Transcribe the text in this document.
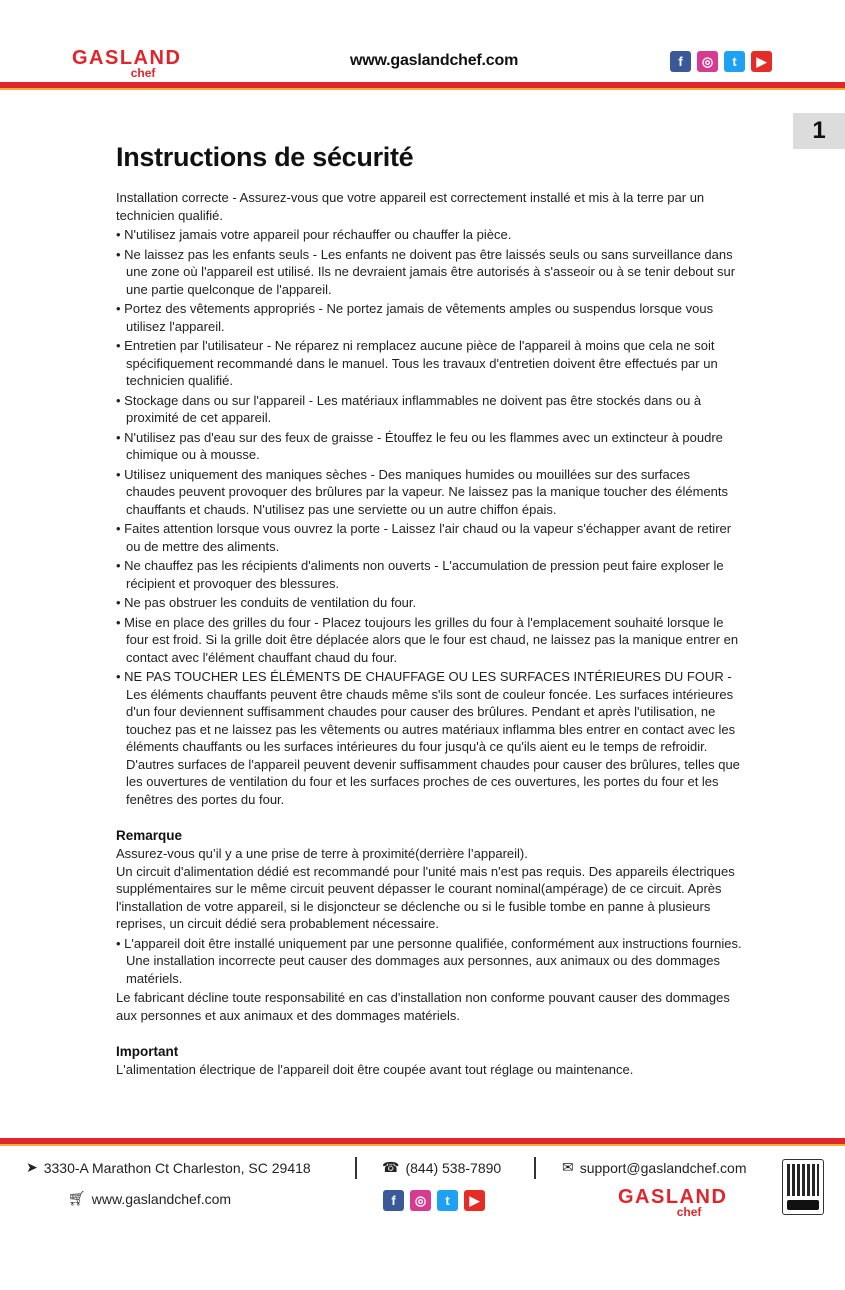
GASLAND
chef
www.gaslandchef.com	f	◎	t	▶
1
Instructions de sécurité

Installation correcte - Assurez-vous que votre appareil est correctement installé et mis à la terre par un technicien qualifié.

• N'utilisez jamais votre appareil pour réchauffer ou chauffer la pièce.
• Ne laissez pas les enfants seuls - Les enfants ne doivent pas être laissés seuls ou sans surveillance dans une zone où l'appareil est utilisé. Ils ne devraient jamais être autorisés à s'asseoir ou à se tenir debout sur une partie quelconque de l'appareil.
• Portez des vêtements appropriés - Ne portez jamais de vêtements amples ou suspendus lorsque vous utilisez l'appareil.
• Entretien par l'utilisateur - Ne réparez ni remplacez aucune pièce de l'appareil à moins que cela ne soit spécifiquement recommandé dans le manuel. Tous les travaux d'entretien doivent être effectués par un technicien qualifié.
• Stockage dans ou sur l'appareil - Les matériaux inflammables ne doivent pas être stockés dans ou à proximité de cet appareil.
• N'utilisez pas d'eau sur des feux de graisse - Étouffez le feu ou les flammes avec un extincteur à poudre chimique ou à mousse.
• Utilisez uniquement des maniques sèches - Des maniques humides ou mouillées sur des surfaces chaudes peuvent provoquer des brûlures par la vapeur. Ne laissez pas la manique toucher des éléments chauffants et chauds. N'utilisez pas une serviette ou un autre chiffon épais.
• Faites attention lorsque vous ouvrez la porte - Laissez l'air chaud ou la vapeur s'échapper avant de retirer ou de mettre des aliments.
• Ne chauffez pas les récipients d'aliments non ouverts - L'accumulation de pression peut faire exploser le récipient et provoquer des blessures.
• Ne pas obstruer les conduits de ventilation du four.
• Mise en place des grilles du four - Placez toujours les grilles du four à l'emplacement souhaité lorsque le four est froid. Si la grille doit être déplacée alors que le four est chaud, ne laissez pas la manique entrer en contact avec l'élément chauffant chaud du four.
• NE PAS TOUCHER LES ÉLÉMENTS DE CHAUFFAGE OU LES SURFACES INTÉRIEURES DU FOUR - Les éléments chauffants peuvent être chauds même s'ils sont de couleur foncée. Les surfaces intérieures d'un four deviennent suffisamment chaudes pour causer des brûlures. Pendant et après l'utilisation, ne touchez pas et ne laissez pas les vêtements ou autres matériaux inflamma bles entrer en contact avec les éléments chauffants ou les surfaces intérieures du four jusqu'à ce qu'ils aient eu le temps de refroidir. D'autres surfaces de l'appareil peuvent devenir suffisamment chaudes pour causer des brûlures, telles que les ouvertures de ventilation du four et les surfaces proches de ces ouvertures, les portes du four et les fenêtres des portes du four.
Remarque

Assurez-vous qu’il y a une prise de terre à proximité(derrière l’appareil).

Un circuit d'alimentation dédié est recommandé pour l'unité mais n'est pas requis. Des appareils électriques supplémentaires sur le même circuit peuvent dépasser le courant nominal(ampérage) de ce circuit. Après l'installation de votre appareil, si le disjoncteur se déclenche ou si le fusible tombe en panne à plusieurs reprises, un circuit dédié sera probablement nécessaire.

• L'appareil doit être installé uniquement par une personne qualifiée, conformément aux instructions fournies. Une installation incorrecte peut causer des dommages aux personnes, aux animaux ou des dommages matériels.

Le fabricant décline toute responsabilité en cas d'installation non conforme pouvant causer des dommages aux personnes et aux animaux et des dommages matériels.

Important

L'alimentation électrique de l'appareil doit être coupée avant tout réglage ou maintenance.

➤ 3330-A Marathon Ct Charleston, SC 29418	☎ (844) 538-7890	✉ support@gaslandchef.com
🛒︎ www.gaslandchef.com	f	◎	t	▶	GASLAND
chef
